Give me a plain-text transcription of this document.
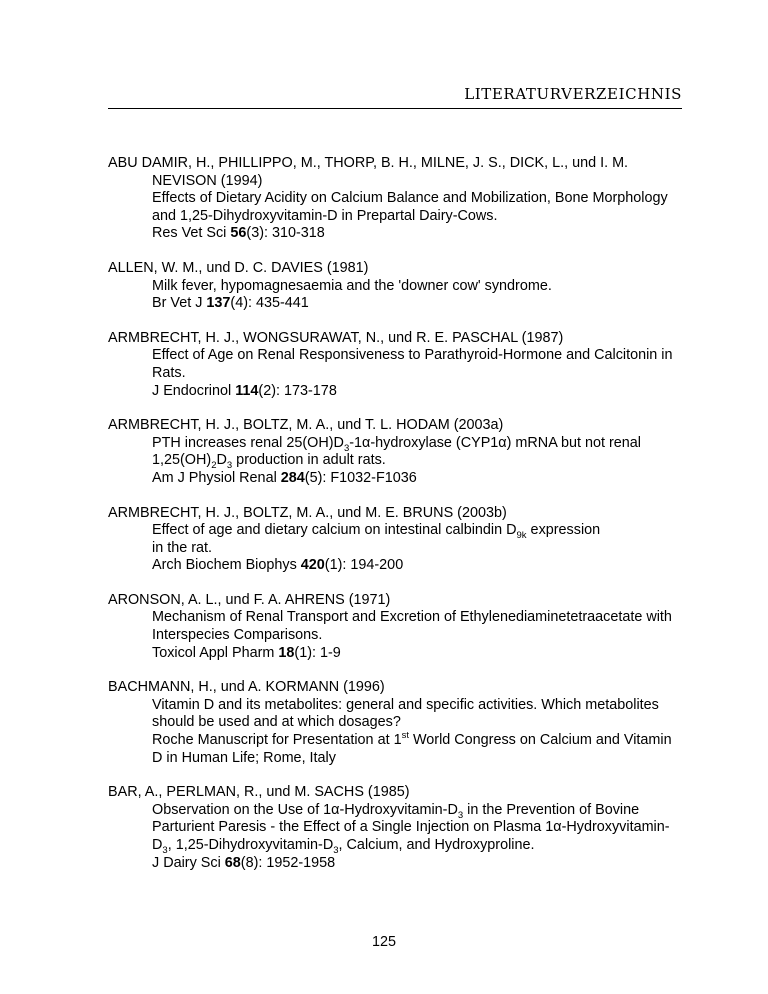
literaturverzeichnis
ABU DAMIR, H., PHILLIPPO, M., THORP, B. H., MILNE, J. S., DICK, L., und I. M. NEVISON (1994)
Effects of Dietary Acidity on Calcium Balance and Mobilization, Bone Morphology and 1,25-Dihydroxyvitamin-D in Prepartal Dairy-Cows.
Res Vet Sci 56(3): 310-318
ALLEN, W. M., und D. C. DAVIES (1981)
Milk fever, hypomagnesaemia and the 'downer cow' syndrome.
Br Vet J 137(4): 435-441
ARMBRECHT, H. J., WONGSURAWAT, N., und R. E. PASCHAL (1987)
Effect of Age on Renal Responsiveness to Parathyroid-Hormone and Calcitonin in Rats.
J Endocrinol 114(2): 173-178
ARMBRECHT, H. J., BOLTZ, M. A., und T. L. HODAM (2003a)
PTH increases renal $25(OH)D_3-1\alpha$-hydroxylase (CYP1α) mRNA but not renal $1,25(OH)_2D_3$ production in adult rats.
Am J Physiol Renal 284(5): F1032-F1036
ARMBRECHT, H. J., BOLTZ, M. A., und M. E. BRUNS (2003b)
Effect of age and dietary calcium on intestinal calbindin $D_{9k}$ expression
in the rat.
Arch Biochem Biophys 420(1): 194-200
ARONSON, A. L., und F. A. AHRENS (1971)
Mechanism of Renal Transport and Excretion of Ethylenediaminetetraacetate with Interspecies Comparisons.
Toxicol Appl Pharm 18(1): 1-9
BACHMANN, H., und A. KORMANN (1996)
Vitamin D and its metabolites: general and specific activities. Which metabolites should be used and at which dosages?
Roche Manuscript for Presentation at 1st World Congress on Calcium and Vitamin D in Human Life; Rome, Italy
BAR, A., PERLMAN, R., und M. SACHS (1985)
Observation on the Use of $1\alpha-Hydroxyvitamin-D_3$ in the Prevention of Bovine Parturient Paresis - the Effect of a Single Injection on Plasma $1\alpha-Hydroxyvitamin-D_3$, $1,25-Dihydroxyvitamin-D_3$, Calcium, and Hydroxyproline.
J Dairy Sci 68(8): 1952-1958
125
